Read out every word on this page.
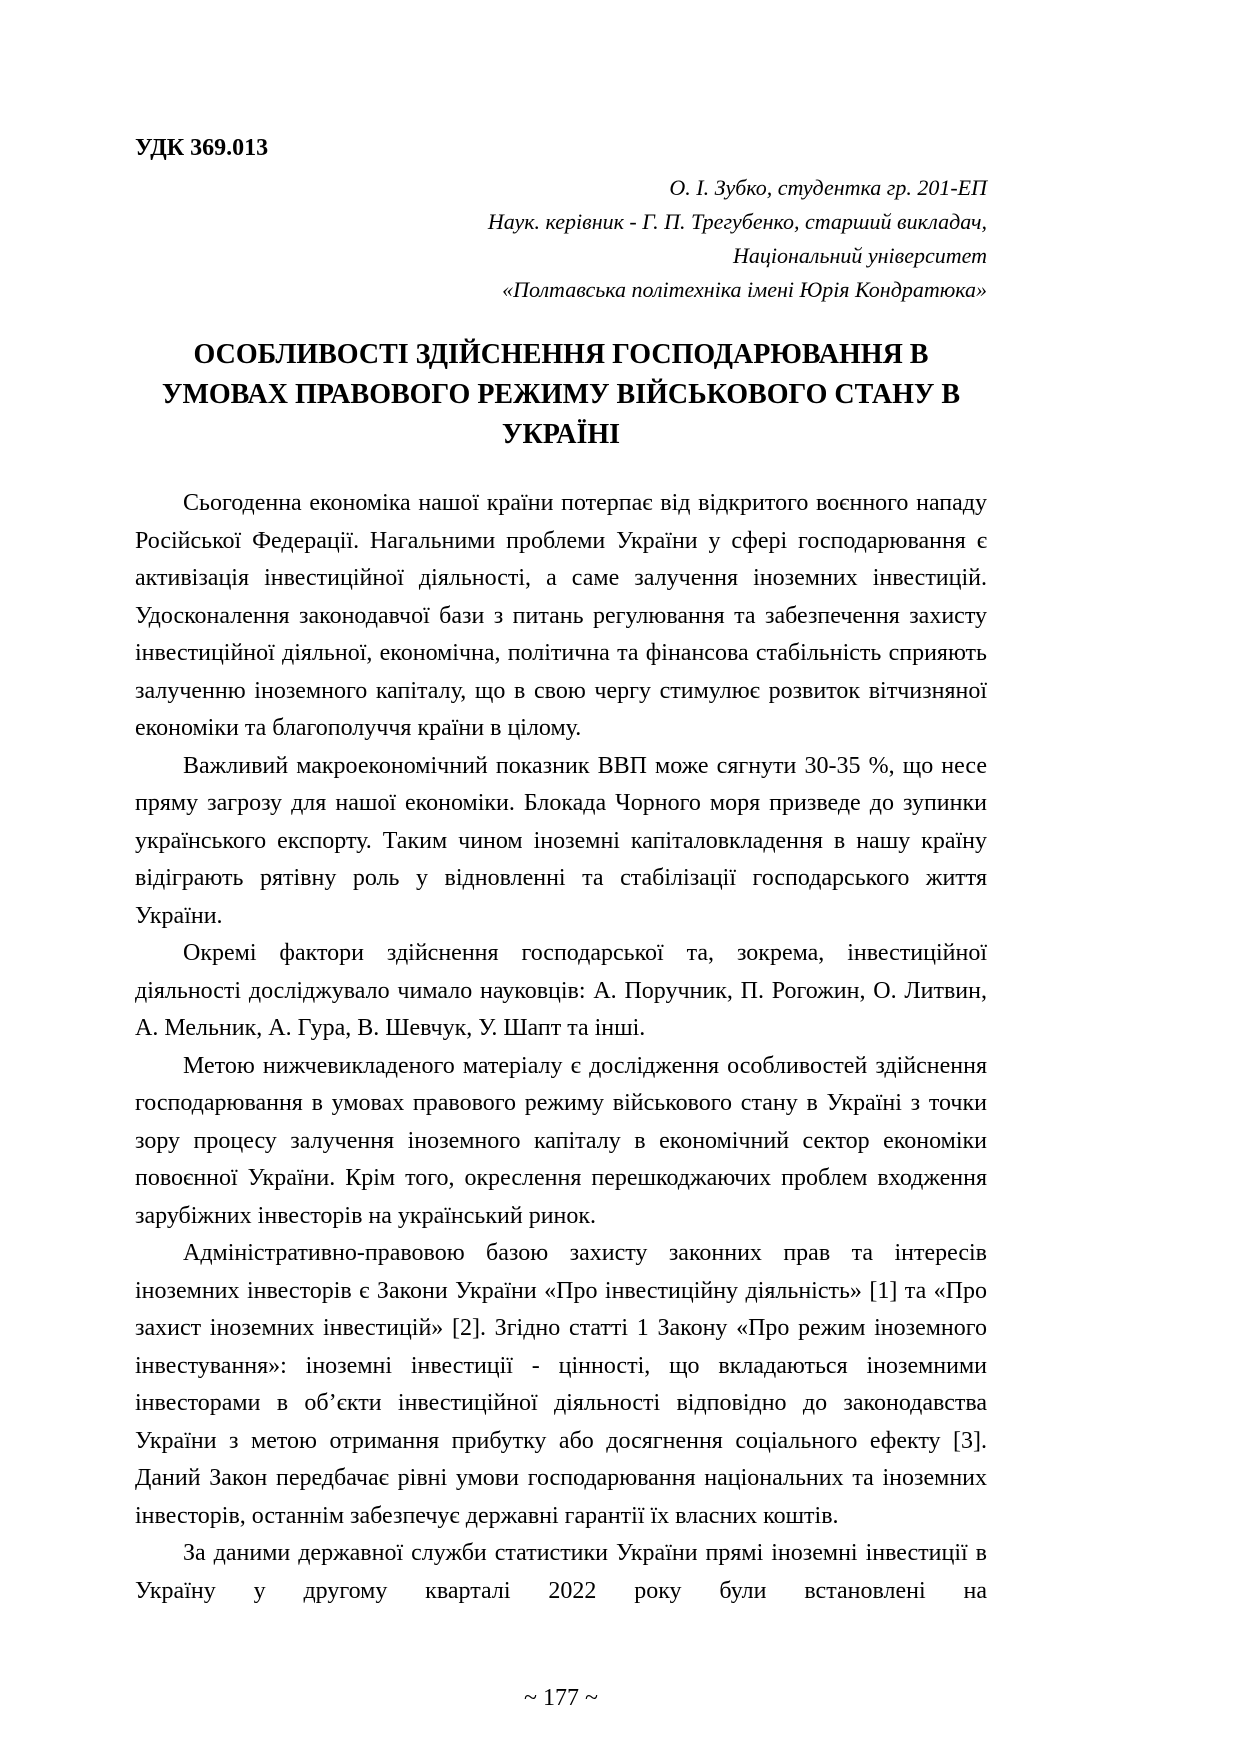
УДК 369.013
О. І. Зубко, студентка гр. 201-ЕП
Наук. керівник - Г. П. Трегубенко, старший викладач,
Національний університет
«Полтавська політехніка імені Юрія Кондратюка»
ОСОБЛИВОСТІ ЗДІЙСНЕННЯ ГОСПОДАРЮВАННЯ В УМОВАХ ПРАВОВОГО РЕЖИМУ ВІЙСЬКОВОГО СТАНУ В УКРАЇНІ

Сьогоденна економіка нашої країни потерпає від відкритого воєнного нападу Російської Федерації. Нагальними проблеми України у сфері господарювання є активізація інвестиційної діяльності, а саме залучення іноземних інвестицій. Удосконалення законодавчої бази з питань регулювання та забезпечення захисту інвестиційної діяльної, економічна, політична та фінансова стабільність сприяють залученню іноземного капіталу, що в свою чергу стимулює розвиток вітчизняної економіки та благополуччя країни в цілому.

Важливий макроекономічний показник ВВП може сягнути 30-35 %, що несе пряму загрозу для нашої економіки. Блокада Чорного моря призведе до зупинки українського експорту. Таким чином іноземні капіталовкладення в нашу країну відіграють рятівну роль у відновленні та стабілізації господарського життя України.

Окремі фактори здійснення господарської та, зокрема, інвестиційної діяльності досліджувало чимало науковців: А. Поручник, П. Рогожин, О. Литвин, А. Мельник, А. Гура, В. Шевчук, У. Шапт та інші.

Метою нижчевикладеного матеріалу є дослідження особливостей здійснення господарювання в умовах правового режиму військового стану в Україні з точки зору процесу залучення іноземного капіталу в економічний сектор економіки повоєнної України. Крім того, окреслення перешкоджаючих проблем входження зарубіжних інвесторів на український ринок.

Адміністративно-правовою базою захисту законних прав та інтересів іноземних інвесторів є Закони України «Про інвестиційну діяльність» [1] та «Про захист іноземних інвестицій» [2]. Згідно статті 1 Закону «Про режим іноземного інвестування»: іноземні інвестиції - цінності, що вкладаються іноземними інвесторами в об’єкти інвестиційної діяльності відповідно до законодавства України з метою отримання прибутку або досягнення соціального ефекту [3]. Даний Закон передбачає рівні умови господарювання національних та іноземних інвесторів, останнім забезпечує державні гарантії їх власних коштів.

За даними державної служби статистики України прямі іноземні інвестиції в Україну у другому кварталі 2022 року були встановлені на

~ 177 ~
